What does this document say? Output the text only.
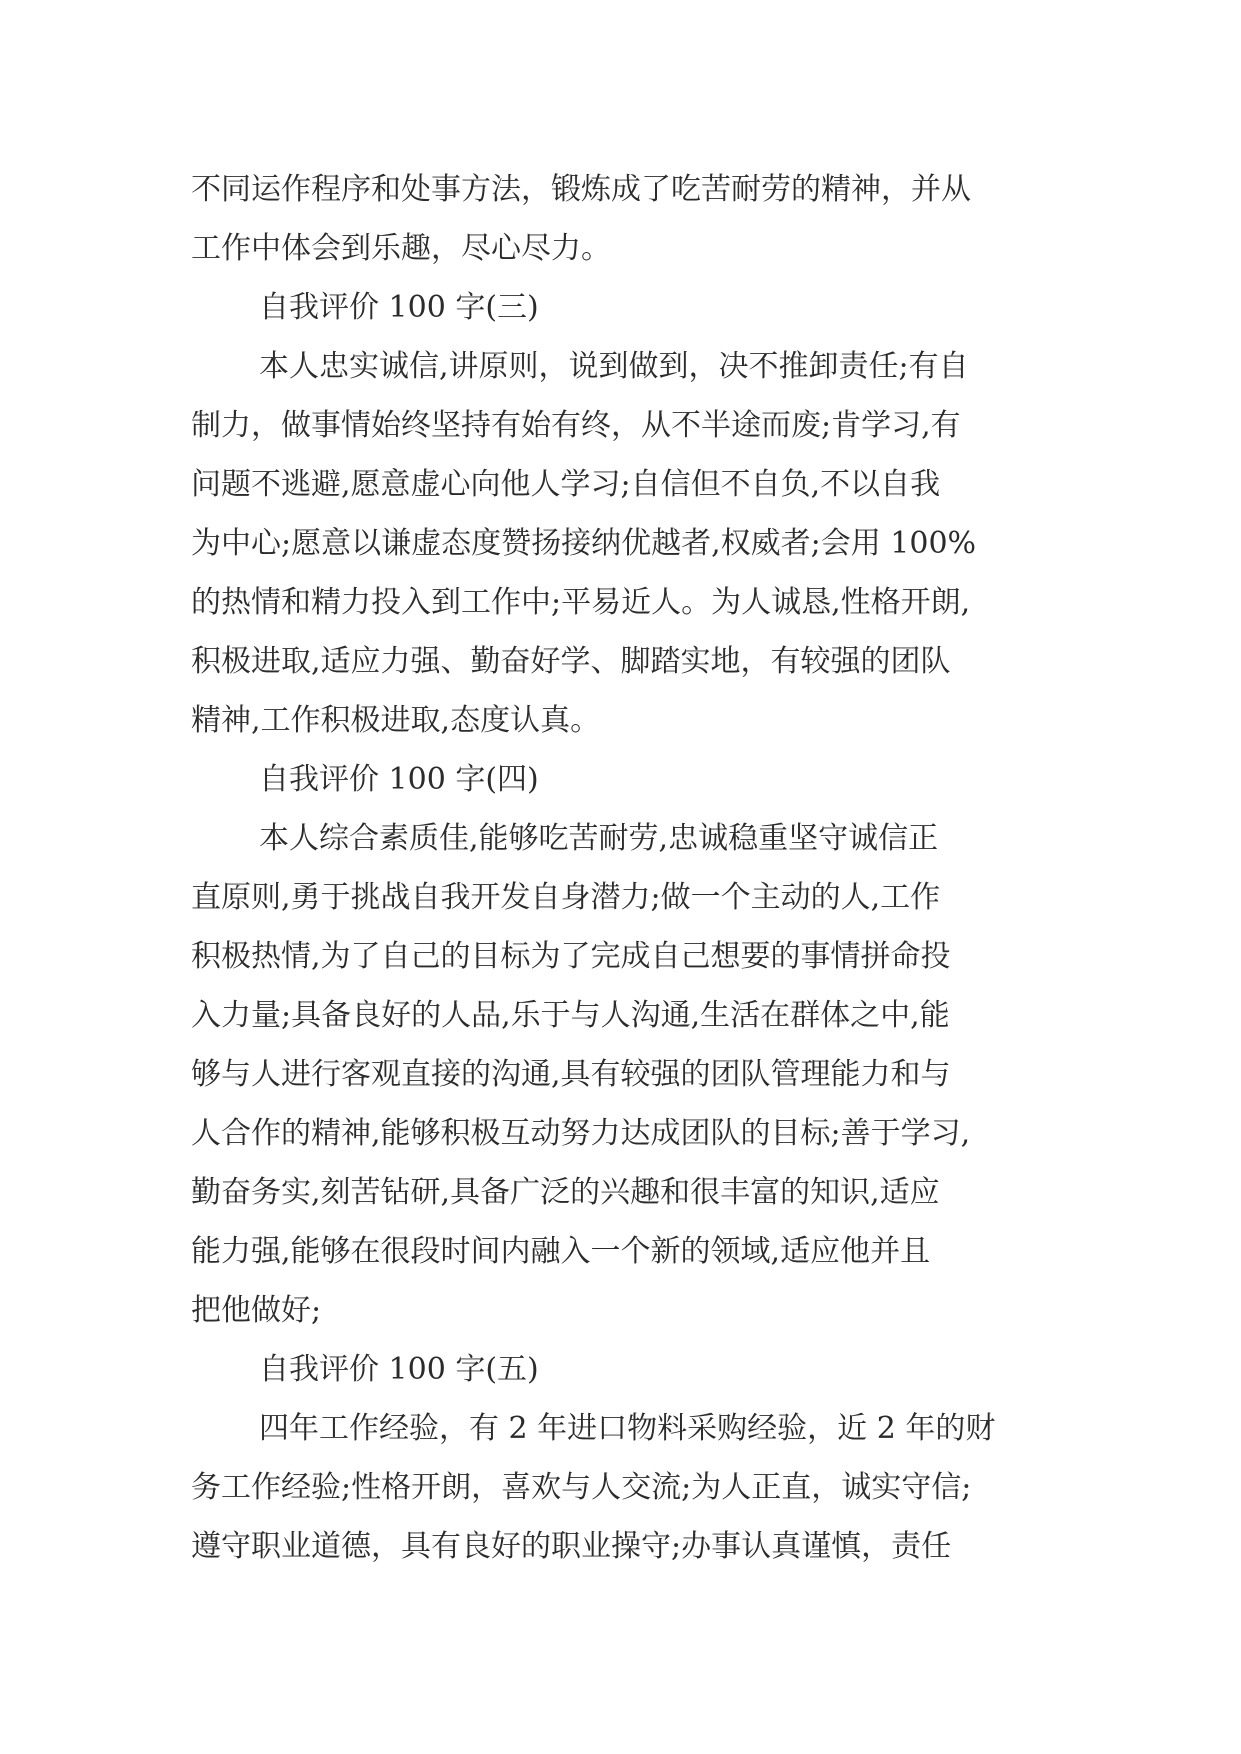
不同运作程序和处事方法，锻炼成了吃苦耐劳的精神，并从
工作中体会到乐趣，尽心尽力。
自我评价 100 字(三)
本人忠实诚信,讲原则，说到做到，决不推卸责任;有自
制力，做事情始终坚持有始有终，从不半途而废;肯学习,有
问题不逃避,愿意虚心向他人学习;自信但不自负,不以自我
为中心;愿意以谦虚态度赞扬接纳优越者,权威者;会用 100%
的热情和精力投入到工作中;平易近人。为人诚恳,性格开朗,
积极进取,适应力强、勤奋好学、脚踏实地，有较强的团队
精神,工作积极进取,态度认真。
自我评价 100 字(四)
本人综合素质佳,能够吃苦耐劳,忠诚稳重坚守诚信正
直原则,勇于挑战自我开发自身潜力;做一个主动的人,工作
积极热情,为了自己的目标为了完成自己想要的事情拼命投
入力量;具备良好的人品,乐于与人沟通,生活在群体之中,能
够与人进行客观直接的沟通,具有较强的团队管理能力和与
人合作的精神,能够积极互动努力达成团队的目标;善于学习,
勤奋务实,刻苦钻研,具备广泛的兴趣和很丰富的知识,适应
能力强,能够在很段时间内融入一个新的领域,适应他并且
把他做好;
自我评价 100 字(五)
四年工作经验，有 2 年进口物料采购经验，近 2 年的财
务工作经验;性格开朗，喜欢与人交流;为人正直，诚实守信;
遵守职业道德，具有良好的职业操守;办事认真谨慎，责任
